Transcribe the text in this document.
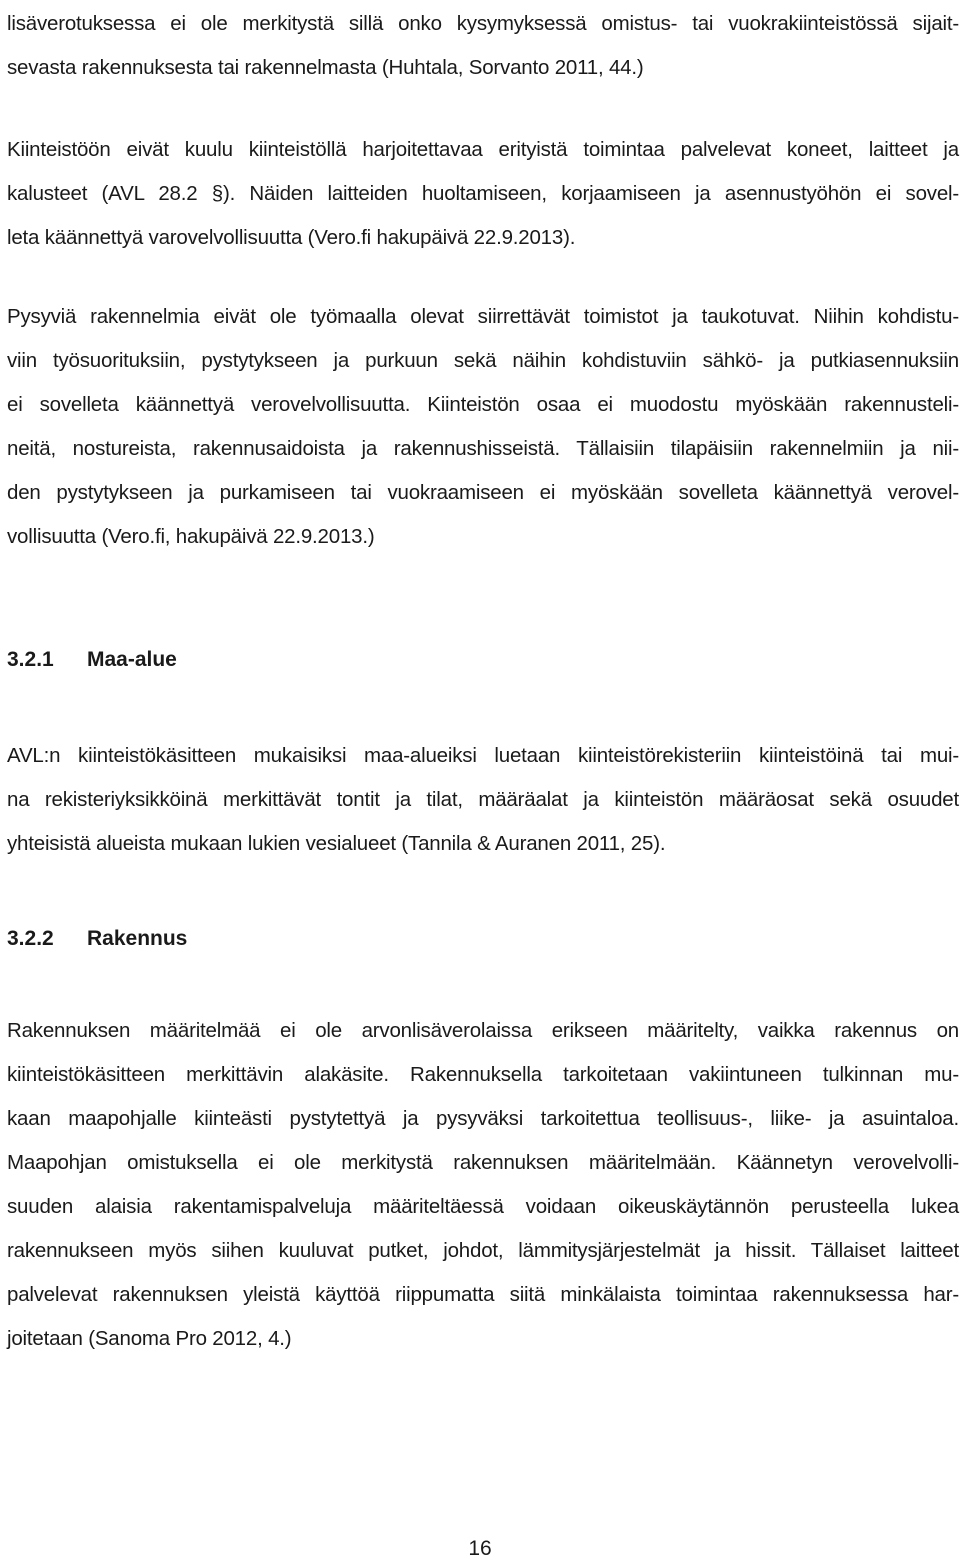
lisäverotuksessa ei ole merkitystä sillä onko kysymyksessä omistus- tai vuokrakiinteistössä sijait-
sevasta rakennuksesta tai rakennelmasta (Huhtala, Sorvanto 2011, 44.)

Kiinteistöön eivät kuulu kiinteistöllä harjoitettavaa erityistä toimintaa palvelevat koneet, laitteet ja
kalusteet (AVL 28.2 §). Näiden laitteiden huoltamiseen, korjaamiseen ja asennustyöhön ei sovel-
leta käännettyä varovelvollisuutta (Vero.fi hakupäivä 22.9.2013).

Pysyviä rakennelmia eivät ole työmaalla olevat siirrettävät toimistot ja taukotuvat. Niihin kohdistu-
viin työsuorituksiin, pystytykseen ja purkuun sekä näihin kohdistuviin sähkö- ja putkiasennuksiin
ei sovelleta käännettyä verovelvollisuutta. Kiinteistön osaa ei muodostu myöskään rakennusteli-
neitä, nostureista, rakennusaidoista ja rakennushisseistä. Tällaisiin tilapäisiin rakennelmiin ja nii-
den pystytykseen ja purkamiseen tai vuokraamiseen ei myöskään sovelleta käännettyä verovel-
vollisuutta (Vero.fi, hakupäivä 22.9.2013.)

3.2.1 Maa-alue

AVL:n kiinteistökäsitteen mukaisiksi maa-alueiksi luetaan kiinteistörekisteriin kiinteistöinä tai mui-
na rekisteriyksikköinä merkittävät tontit ja tilat, määräalat ja kiinteistön määräosat sekä osuudet
yhteisistä alueista mukaan lukien vesialueet (Tannila & Auranen 2011, 25).

3.2.2 Rakennus

Rakennuksen määritelmää ei ole arvonlisäverolaissa erikseen määritelty, vaikka rakennus on
kiinteistökäsitteen merkittävin alakäsite. Rakennuksella tarkoitetaan vakiintuneen tulkinnan mu-
kaan maapohjalle kiinteästi pystytettyä ja pysyväksi tarkoitettua teollisuus-, liike- ja asuintaloa.
Maapohjan omistuksella ei ole merkitystä rakennuksen määritelmään. Käännetyn verovelvolli-
suuden alaisia rakentamispalveluja määriteltäessä voidaan oikeuskäytännön perusteella lukea
rakennukseen myös siihen kuuluvat putket, johdot, lämmitysjärjestelmät ja hissit. Tällaiset laitteet
palvelevat rakennuksen yleistä käyttöä riippumatta siitä minkälaista toimintaa rakennuksessa har-
joitetaan (Sanoma Pro 2012, 4.)

16
